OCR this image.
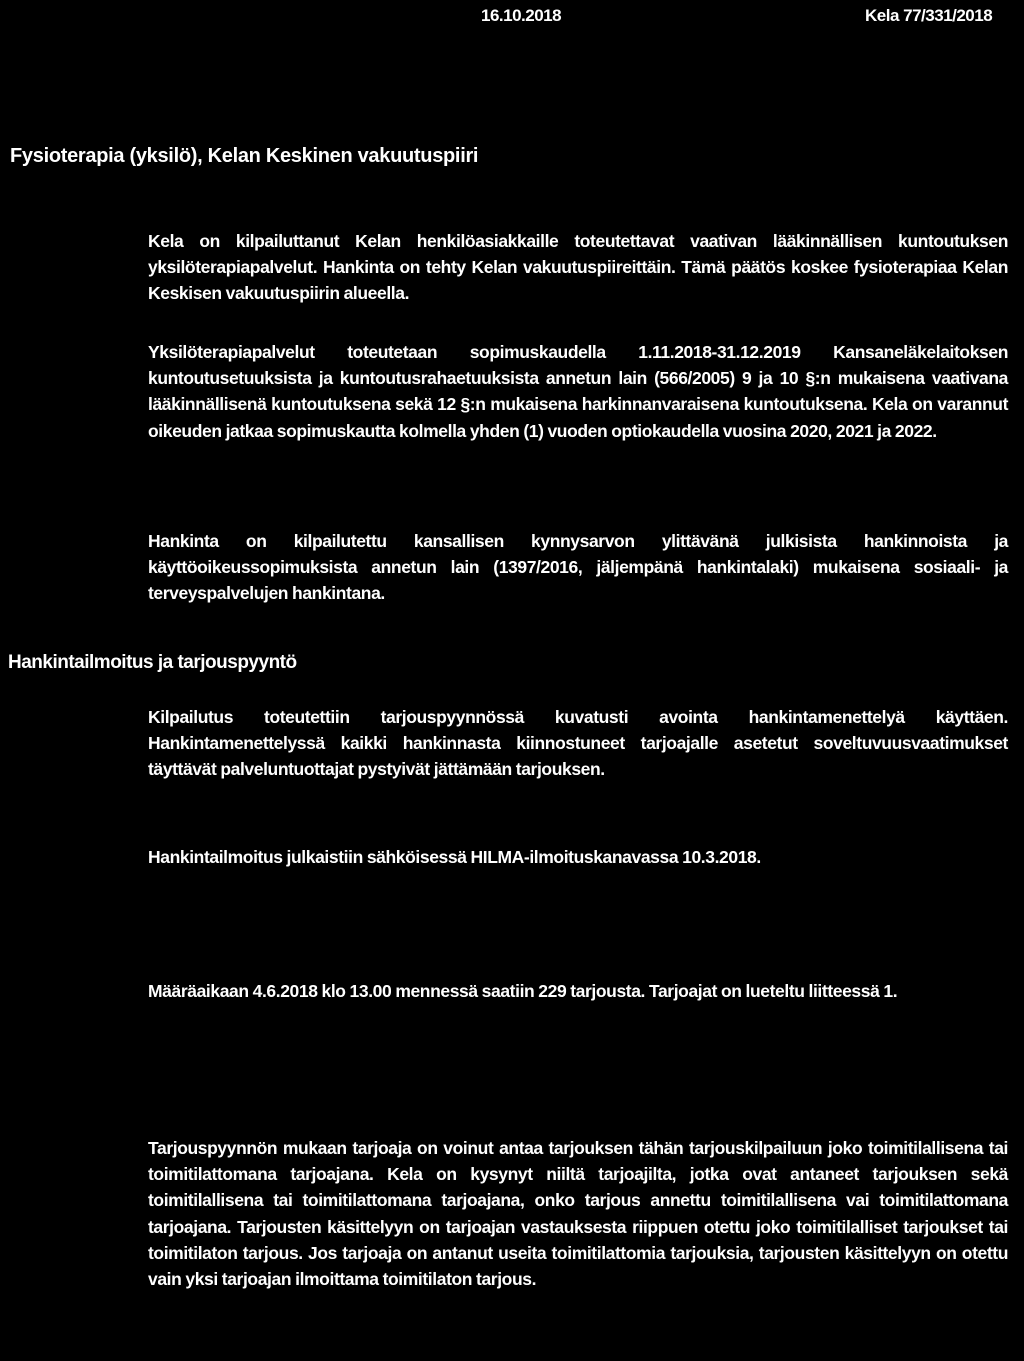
16.10.2018	Kela 77/331/2018
Fysioterapia (yksilö), Kelan Keskinen vakuutuspiiri

Kela on kilpailuttanut Kelan henkilöasiakkaille toteutettavat vaativan lääkinnällisen kuntoutuksen yksilöterapiapalvelut. Hankinta on tehty Kelan vakuutuspiireittäin. Tämä päätös koskee fysioterapiaa Kelan Keskisen vakuutuspiirin alueella.

Yksilöterapiapalvelut toteutetaan sopimuskaudella 1.11.2018-31.12.2019 Kansaneläkelaitoksen kuntoutusetuuksista ja kuntoutusrahaetuuksista annetun lain (566/2005) 9 ja 10 §:n mukaisena vaativana lääkinnällisenä kuntoutuksena sekä 12 §:n mukaisena harkinnanvaraisena kuntoutuksena. Kela on varannut oikeuden jatkaa sopimuskautta kolmella yhden (1) vuoden optiokaudella vuosina 2020, 2021 ja 2022.

Hankinta on kilpailutettu kansallisen kynnysarvon ylittävänä julkisista hankinnoista ja käyttöoikeussopimuksista annetun lain (1397/2016, jäljempänä hankintalaki) mukaisena sosiaali- ja terveyspalvelujen hankintana.

Hankintailmoitus ja tarjouspyyntö

Kilpailutus toteutettiin tarjouspyynnössä kuvatusti avointa hankintamenettelyä käyttäen. Hankintamenettelyssä kaikki hankinnasta kiinnostuneet tarjoajalle asetetut soveltuvuusvaatimukset täyttävät palveluntuottajat pystyivät jättämään tarjouksen.

Hankintailmoitus julkaistiin sähköisessä HILMA-ilmoituskanavassa 10.3.2018.

Määräaikaan 4.6.2018 klo 13.00 mennessä saatiin 229 tarjousta. Tarjoajat on lueteltu liitteessä 1.

Tarjouspyynnön mukaan tarjoaja on voinut antaa tarjouksen tähän tarjouskilpailuun joko toimitilallisena tai toimitilattomana tarjoajana. Kela on kysynyt niiltä tarjoajilta, jotka ovat antaneet tarjouksen sekä toimitilallisena tai toimitilattomana tarjoajana, onko tarjous annettu toimitilallisena vai toimitilattomana tarjoajana. Tarjousten käsittelyyn on tarjoajan vastauksesta riippuen otettu joko toimitilalliset tarjoukset tai toimitilaton tarjous. Jos tarjoaja on antanut useita toimitilattomia tarjouksia, tarjousten käsittelyyn on otettu vain yksi tarjoajan ilmoittama toimitilaton tarjous.
